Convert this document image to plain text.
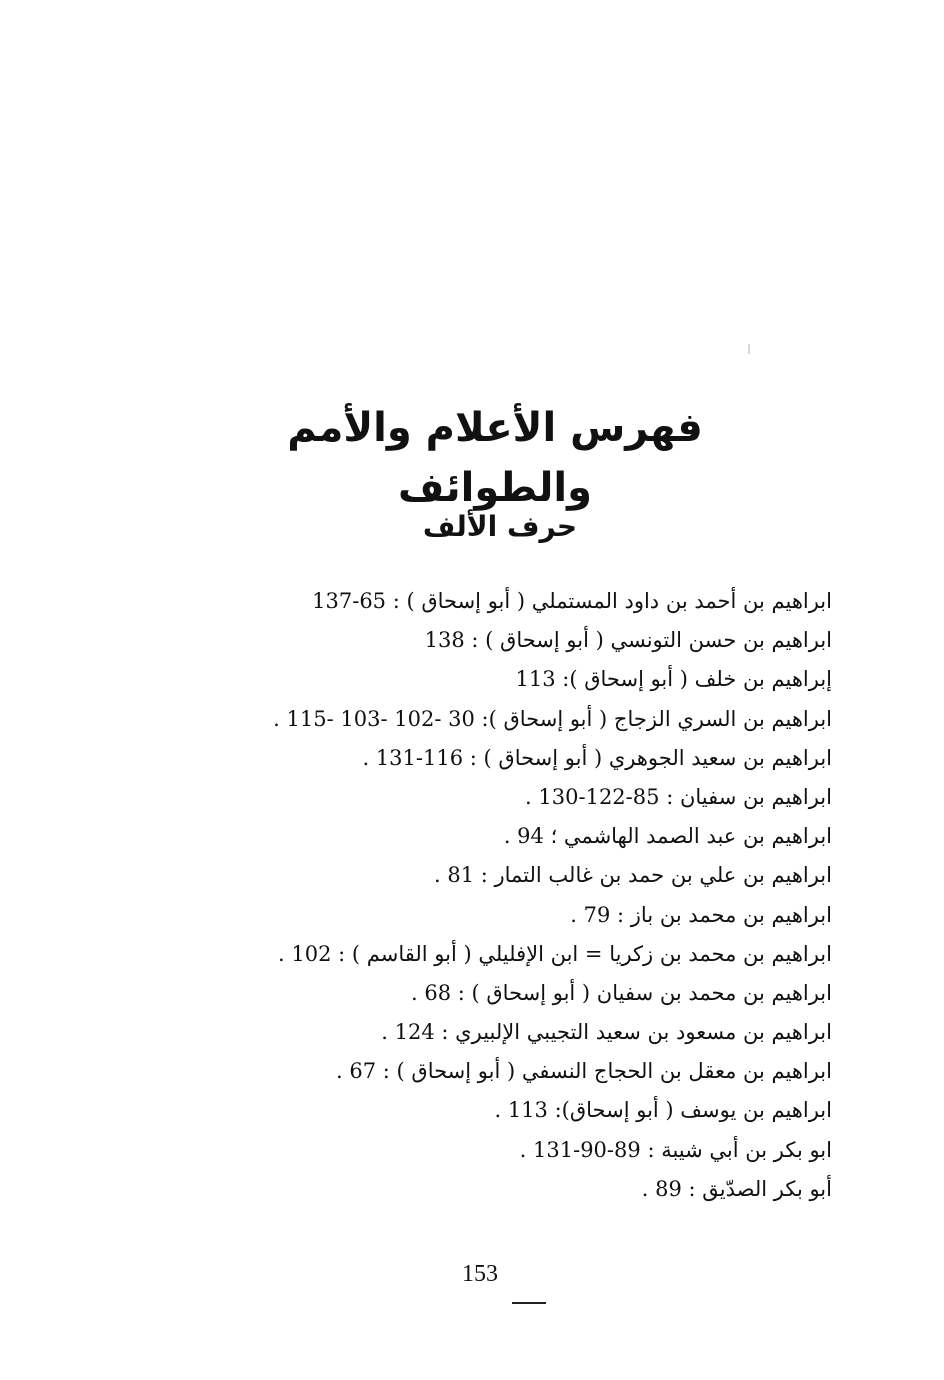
فهرس الأعلام والأمم والطوائف
حرف الألف
ابراهيم بن أحمد بن داود المستملي ( أبو إسحاق ) : 65-137
ابراهيم بن حسن التونسي ( أبو إسحاق ) : 138
إبراهيم بن خلف ( أبو إسحاق ): 113
ابراهيم بن السري الزجاج ( أبو إسحاق ): 30 -102 -103 -115 .
ابراهيم بن سعيد الجوهري ( أبو إسحاق ) : 116-131 .
ابراهيم بن سفيان : 85-122-130 .
ابراهيم بن عبد الصمد الهاشمي ؛ 94 .
ابراهيم بن علي بن حمد بن غالب التمار : 81 .
ابراهيم بن محمد بن باز : 79 .
ابراهيم بن محمد بن زكريا = ابن الإفليلي ( أبو القاسم ) : 102 .
ابراهيم بن محمد بن سفيان ( أبو إسحاق ) : 68 .
ابراهيم بن مسعود بن سعيد التجيبي الإلبيري : 124 .
ابراهيم بن معقل بن الحجاج النسفي ( أبو إسحاق ) : 67 .
ابراهيم بن يوسف ( أبو إسحاق): 113 .
ابو بكر بن أبي شيبة : 89-90-131 .
أبو بكر الصدّيق : 89 .
153
